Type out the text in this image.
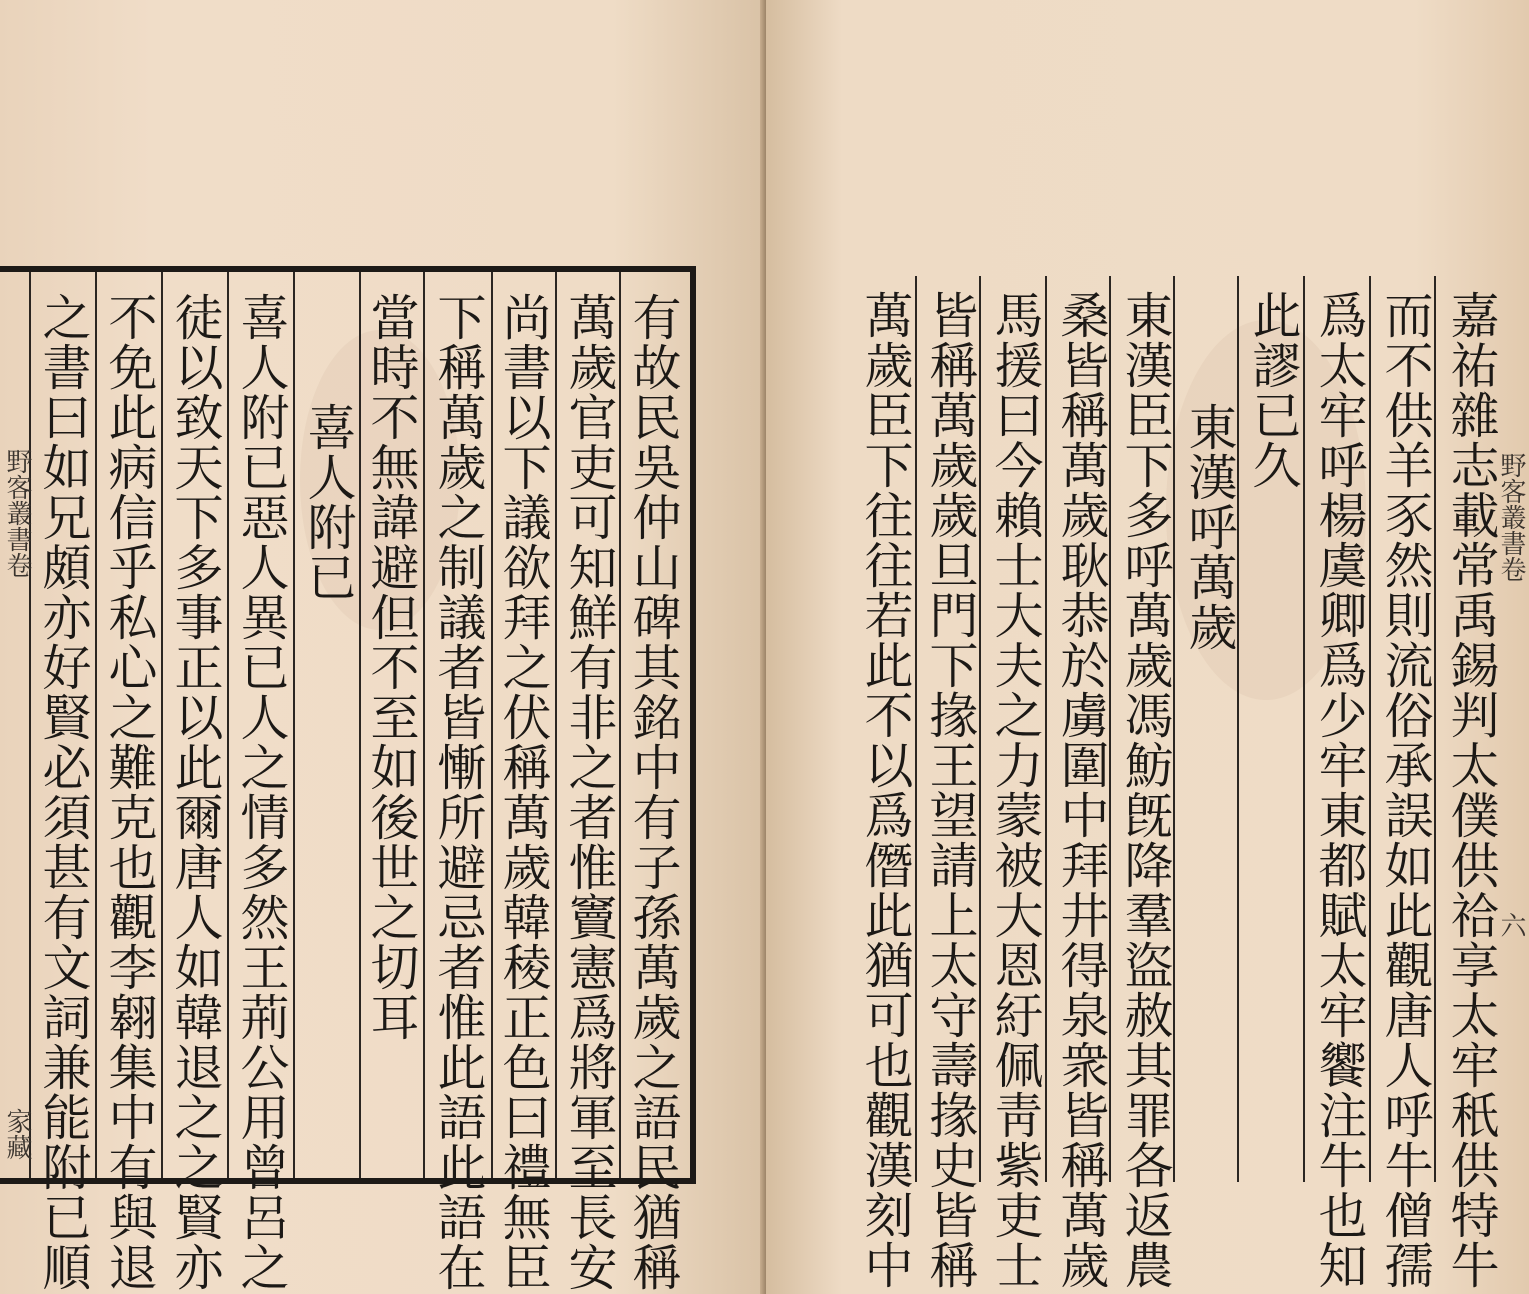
有故民吳仲山碑其銘中有子孫萬歲之語民猶稱
萬歲官吏可知鮮有非之者惟竇憲爲將軍至長安
尚書以下議欲拜之伏稱萬歲韓稜正色曰禮無臣
下稱萬歲之制議者皆慚所避忌者惟此語此語在
當時不無諱避但不至如後世之切耳
喜人附已
喜人附已惡人異已人之情多然王荊公用曾呂之
徒以致天下多事正以此爾唐人如韓退之之賢亦
不免此病信乎私心之難克也觀李翱集中有與退
之書曰如兄頗亦好賢必須甚有文詞兼能附已順
野客叢書卷
家藏	嘉祐雜志載常禹錫判太僕供祫享太牢秖供特牛
而不供羊豕然則流俗承誤如此觀唐人呼牛僧孺
爲太牢呼楊虞卿爲少牢東都賦太牢饗注牛也知
此謬已久
東漢呼萬歲
東漢臣下多呼萬歲馮魴旣降羣盜赦其罪各返農
桑皆稱萬歲耿恭於虜圍中拜井得泉衆皆稱萬歲
馬援曰今賴士大夫之力蒙被大恩紆佩靑紫吏士
皆稱萬歲歲旦門下掾王望請上太守壽掾史皆稱
萬歲臣下往往若此不以爲僭此猶可也觀漢刻中	野客叢書卷
六
